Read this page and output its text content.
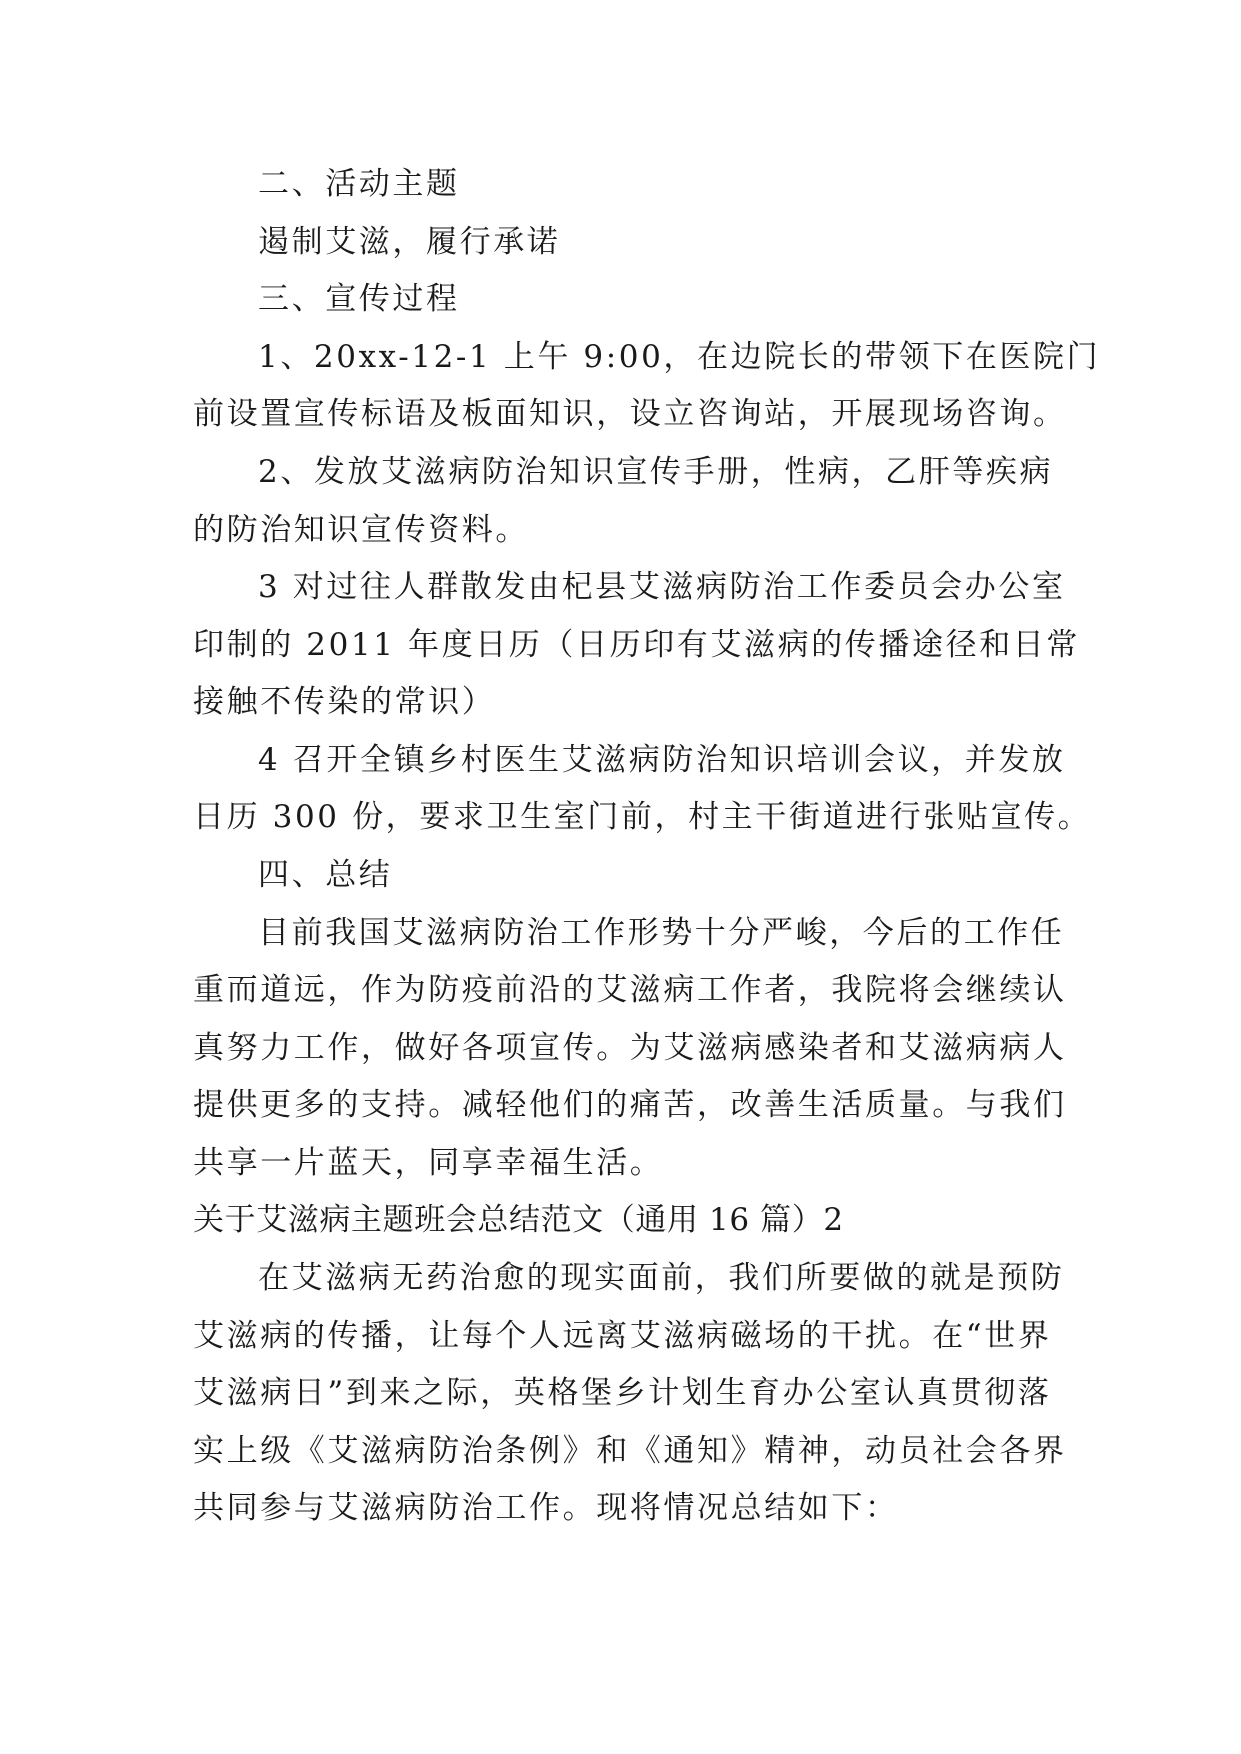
二、活动主题
遏制艾滋，履行承诺
三、宣传过程
1、20xx-12-1 上午 9:00，在边院长的带领下在医院门
前设置宣传标语及板面知识，设立咨询站，开展现场咨询。
2、发放艾滋病防治知识宣传手册，性病，乙肝等疾病
的防治知识宣传资料。
3 对过往人群散发由杞县艾滋病防治工作委员会办公室
印制的 2011 年度日历（日历印有艾滋病的传播途径和日常
接触不传染的常识）
4 召开全镇乡村医生艾滋病防治知识培训会议，并发放
日历 300 份，要求卫生室门前，村主干街道进行张贴宣传。
四、总结
目前我国艾滋病防治工作形势十分严峻，今后的工作任
重而道远，作为防疫前沿的艾滋病工作者，我院将会继续认
真努力工作，做好各项宣传。为艾滋病感染者和艾滋病病人
提供更多的支持。减轻他们的痛苦，改善生活质量。与我们
共享一片蓝天，同享幸福生活。
关于艾滋病主题班会总结范文（通用 16 篇）2
在艾滋病无药治愈的现实面前，我们所要做的就是预防
艾滋病的传播，让每个人远离艾滋病磁场的干扰。在“世界
艾滋病日”到来之际，英格堡乡计划生育办公室认真贯彻落
实上级《艾滋病防治条例》和《通知》精神，动员社会各界
共同参与艾滋病防治工作。现将情况总结如下：
